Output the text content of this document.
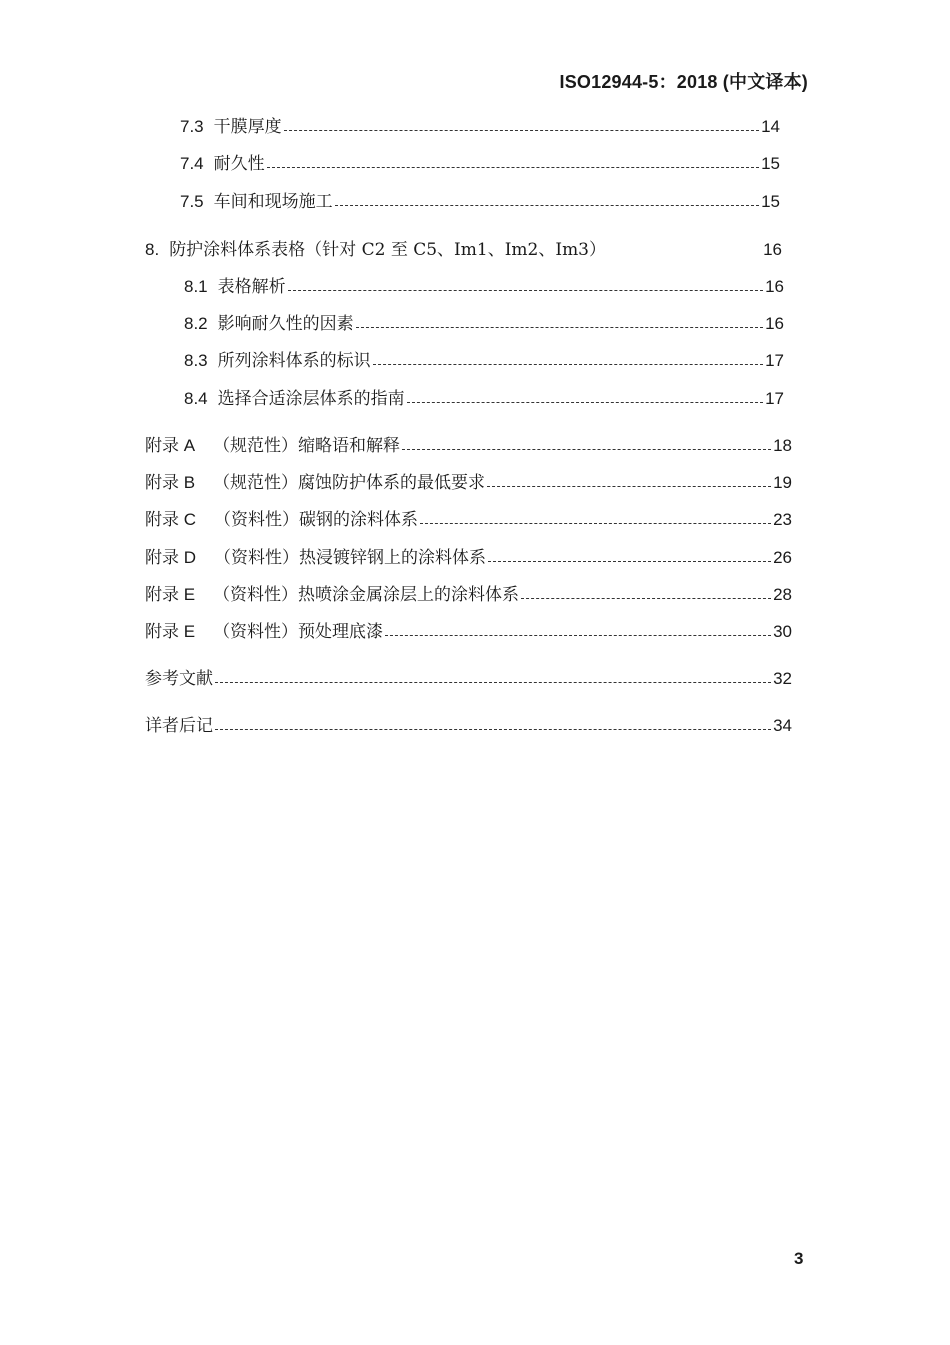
ISO12944-5：2018 (中文译本)
7.3 干膜厚度	14
7.4 耐久性	15
7.5 车间和现场施工	15
8. 防护涂料体系表格（针对 C2 至 C5、Im1、Im2、Im3）	16
8.1 表格解析	16
8.2 影响耐久性的因素	16
8.3 所列涂料体系的标识	17
8.4 选择合适涂层体系的指南	17
附录 A （规范性）缩略语和解释	18
附录 B （规范性）腐蚀防护体系的最低要求	19
附录 C （资料性）碳钢的涂料体系	23
附录 D （资料性）热浸镀锌钢上的涂料体系	26
附录 E （资料性）热喷涂金属涂层上的涂料体系	28
附录 E （资料性）预处理底漆	30
参考文献	32
详者后记	34
3
